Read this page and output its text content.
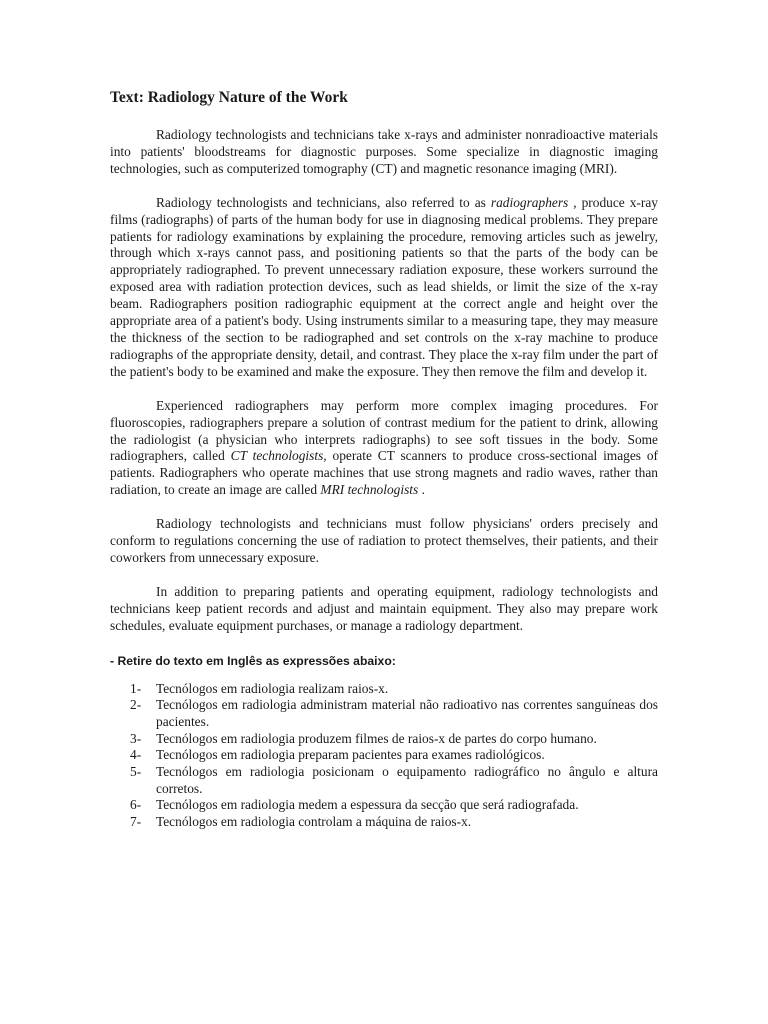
Text: Radiology Nature of the Work

Radiology technologists and technicians take x-rays and administer nonradioactive materials into patients' bloodstreams for diagnostic purposes. Some specialize in diagnostic imaging technologies, such as computerized tomography (CT) and magnetic resonance imaging (MRI).

Radiology technologists and technicians, also referred to as radiographers , produce x-ray films (radiographs) of parts of the human body for use in diagnosing medical problems. They prepare patients for radiology examinations by explaining the procedure, removing articles such as jewelry, through which x-rays cannot pass, and positioning patients so that the parts of the body can be appropriately radiographed. To prevent unnecessary radiation exposure, these workers surround the exposed area with radiation protection devices, such as lead shields, or limit the size of the x-ray beam. Radiographers position radiographic equipment at the correct angle and height over the appropriate area of a patient's body. Using instruments similar to a measuring tape, they may measure the thickness of the section to be radiographed and set controls on the x-ray machine to produce radiographs of the appropriate density, detail, and contrast. They place the x-ray film under the part of the patient's body to be examined and make the exposure. They then remove the film and develop it.

Experienced radiographers may perform more complex imaging procedures. For fluoroscopies, radiographers prepare a solution of contrast medium for the patient to drink, allowing the radiologist (a physician who interprets radiographs) to see soft tissues in the body. Some radiographers, called CT technologists, operate CT scanners to produce cross-sectional images of patients. Radiographers who operate machines that use strong magnets and radio waves, rather than radiation, to create an image are called MRI technologists .

Radiology technologists and technicians must follow physicians' orders precisely and conform to regulations concerning the use of radiation to protect themselves, their patients, and their coworkers from unnecessary exposure.

In addition to preparing patients and operating equipment, radiology technologists and technicians keep patient records and adjust and maintain equipment. They also may prepare work schedules, evaluate equipment purchases, or manage a radiology department.

- Retire do texto em Inglês as expressões abaixo:
1-	Tecnólogos em radiologia realizam raios-x.
2-	Tecnólogos em radiologia administram material não radioativo nas correntes sanguíneas dos pacientes.
3-	Tecnólogos em radiologia produzem filmes de raios-x de partes do corpo humano.
4-	Tecnólogos em radiologia preparam pacientes para exames radiológicos.
5-	Tecnólogos em radiologia posicionam o equipamento radiográfico no ângulo e altura corretos.
6-	Tecnólogos em radiologia medem a espessura da secção que será radiografada.
7-	Tecnólogos em radiologia controlam a máquina de raios-x.
